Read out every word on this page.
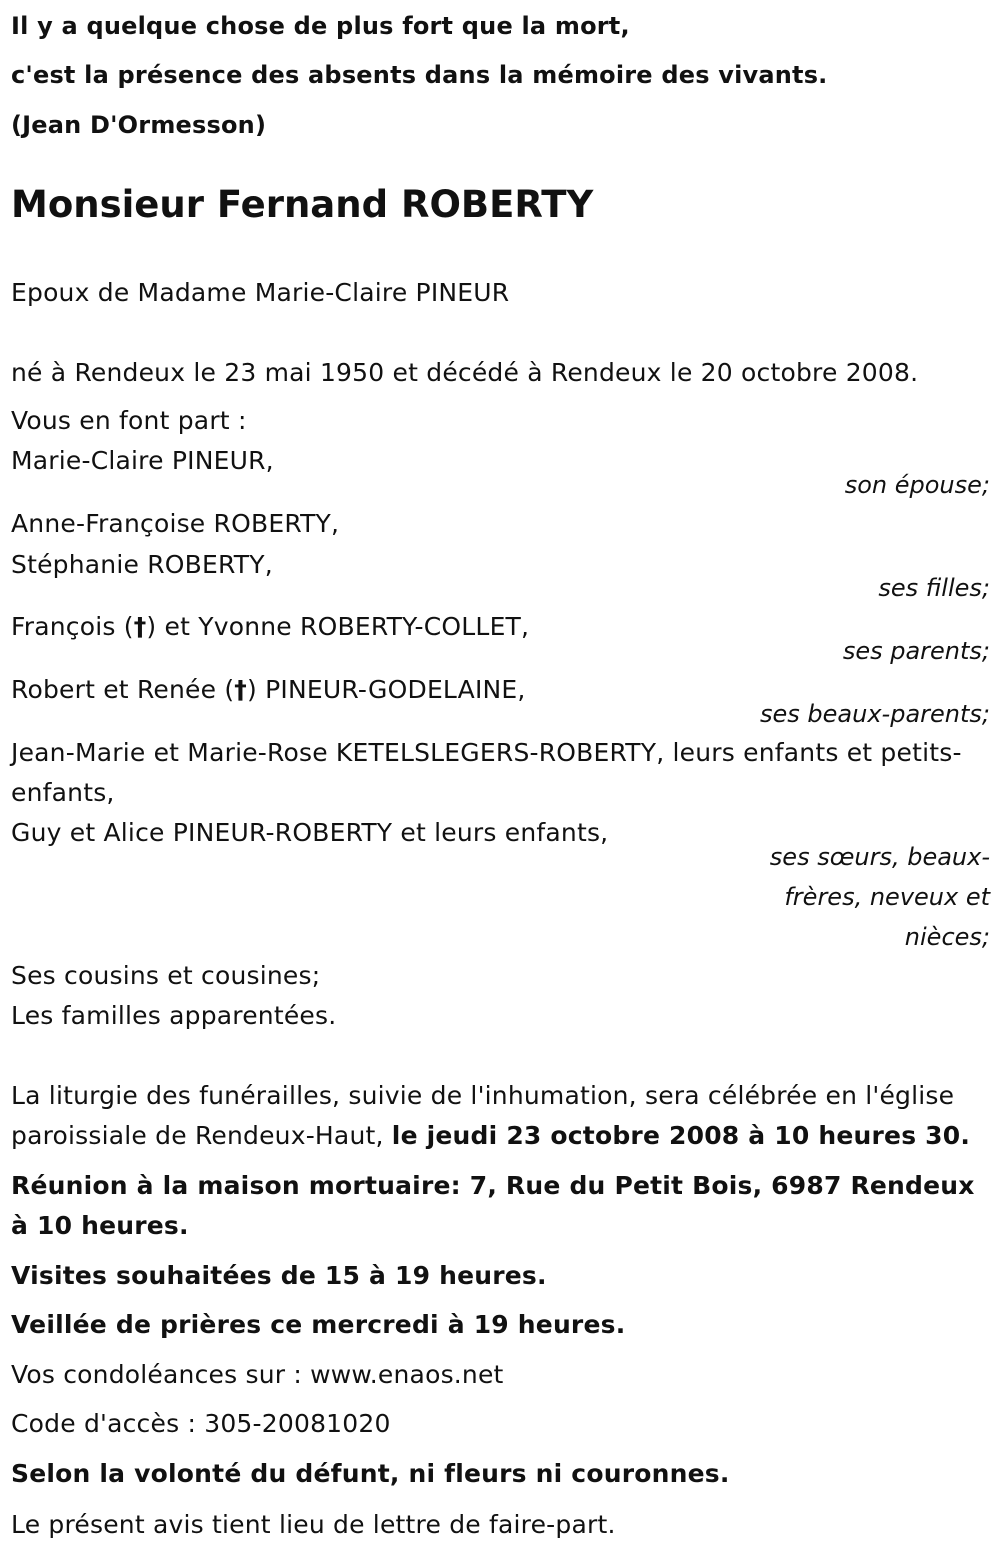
Il y a quelque chose de plus fort que la mort,
c'est la présence des absents dans la mémoire des vivants.
(Jean D'Ormesson)
Monsieur Fernand ROBERTY
Epoux de Madame Marie-Claire PINEUR
né à Rendeux le 23 mai 1950 et décédé à Rendeux le 20 octobre 2008.
Vous en font part :
Marie-Claire PINEUR,
son épouse;
Anne-Françoise ROBERTY,
Stéphanie ROBERTY,
ses filles;
François (†) et Yvonne ROBERTY-COLLET,
ses parents;
Robert et Renée (†) PINEUR-GODELAINE,
ses beaux-parents;
Jean-Marie et Marie-Rose KETELSLEGERS-ROBERTY, leurs enfants et petits-enfants,
Guy et Alice PINEUR-ROBERTY et leurs enfants,
ses sœurs, beaux-frères, neveux et nièces;
Ses cousins et cousines;
Les familles apparentées.
La liturgie des funérailles, suivie de l'inhumation, sera célébrée en l'église paroissiale de Rendeux-Haut, le jeudi 23 octobre 2008 à 10 heures 30.
Réunion à la maison mortuaire: 7, Rue du Petit Bois, 6987 Rendeux à 10 heures.
Visites souhaitées de 15 à 19 heures.
Veillée de prières ce mercredi à 19 heures.
Vos condoléances sur : www.enaos.net
Code d'accès : 305-20081020
Selon la volonté du défunt, ni fleurs ni couronnes.
Le présent avis tient lieu de lettre de faire-part.
